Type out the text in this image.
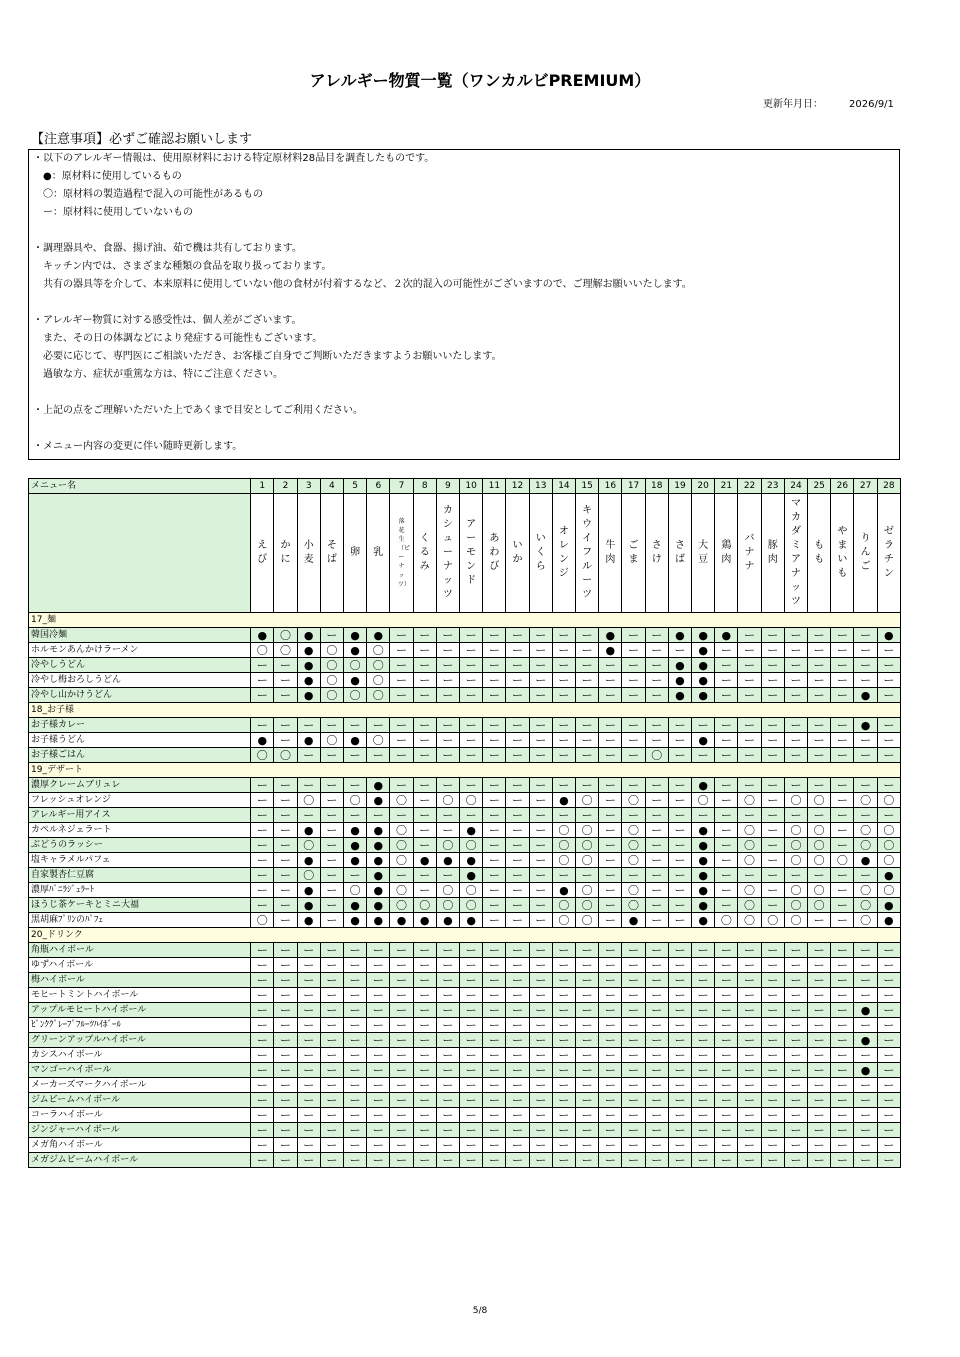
アレルギー物質一覧（ワンカルビPREMIUM）
更新年月日：	2026/9/1
【注意事項】必ずご確認お願いします
・以下のアレルギー情報は、使用原材料における特定原材料28品目を調査したものです。
　●：原材料に使用しているもの
　〇：原材料の製造過程で混入の可能性があるもの
　ー：原材料に使用していないもの
・調理器具や、食器、揚げ油、茹で機は共有しております。
　キッチン内では、さまざまな種類の食品を取り扱っております。
　共有の器具等を介して、本来原料に使用していない他の食材が付着するなど、２次的混入の可能性がございますので、ご理解お願いいたします。
・アレルギー物質に対する感受性は、個人差がございます。
　また、その日の体調などにより発症する可能性もございます。
　必要に応じて、専門医にご相談いただき、お客様ご自身でご判断いただきますようお願いいたします。
　過敏な方、症状が重篤な方は、特にご注意ください。
・上記の点をご理解いただいた上であくまで目安としてご利用ください。
・メニュー内容の変更に伴い随時更新します。
メニュー名	1	2	3	4	5	6	7	8	9	10	11	12	13	14	15	16	17	18	19	20	21	22	23	24	25	26	27	28
	えび	かに	小麦	そば	卵	乳	落花生（ピーナッツ）	くるみ	カシューナッツ	アーモンド	あわび	いか	いくら	オレンジ	キウイフルーツ	牛肉	ごま	さけ	さば	大豆	鶏肉	バナナ	豚肉	マカダミアナッツ	もも	やまいも	りんご	ゼラチン
17_麺																												
韓国冷麺	●	〇	●	ー	●	●	ー	ー	ー	ー	ー	ー	ー	ー	ー	●	ー	ー	●	●	●	ー	ー	ー	ー	ー	ー	●
ホルモンあんかけラーメン	〇	〇	●	〇	●	〇	ー	ー	ー	ー	ー	ー	ー	ー	ー	●	ー	ー	ー	●	ー	ー	ー	ー	ー	ー	ー	ー
冷やしうどん	ー	ー	●	〇	〇	〇	ー	ー	ー	ー	ー	ー	ー	ー	ー	ー	ー	ー	●	●	ー	ー	ー	ー	ー	ー	ー	ー
冷やし梅おろしうどん	ー	ー	●	〇	●	〇	ー	ー	ー	ー	ー	ー	ー	ー	ー	ー	ー	ー	●	●	ー	ー	ー	ー	ー	ー	ー	ー
冷やし山かけうどん	ー	ー	●	〇	〇	〇	ー	ー	ー	ー	ー	ー	ー	ー	ー	ー	ー	ー	●	●	ー	ー	ー	ー	ー	ー	●	ー
18_お子様																												
お子様カレー	ー	ー	ー	ー	ー	ー	ー	ー	ー	ー	ー	ー	ー	ー	ー	ー	ー	ー	ー	ー	ー	ー	ー	ー	ー	ー	●	ー
お子様うどん	●	ー	●	〇	●	〇	ー	ー	ー	ー	ー	ー	ー	ー	ー	ー	ー	ー	ー	●	ー	ー	ー	ー	ー	ー	ー	ー
お子様ごはん	〇	〇	ー	ー	ー	ー	ー	ー	ー	ー	ー	ー	ー	ー	ー	ー	ー	〇	ー	ー	ー	ー	ー	ー	ー	ー	ー	ー
19_デザート																												
濃厚クレームブリュレ	ー	ー	ー	ー	ー	●	ー	ー	ー	ー	ー	ー	ー	ー	ー	ー	ー	ー	ー	●	ー	ー	ー	ー	ー	ー	ー	ー
フレッシュオレンジ	ー	ー	〇	ー	〇	●	〇	ー	〇	〇	ー	ー	ー	●	〇	ー	〇	ー	ー	〇	ー	〇	ー	〇	〇	ー	〇	〇
アレルギー用アイス	ー	ー	ー	ー	ー	ー	ー	ー	ー	ー	ー	ー	ー	ー	ー	ー	ー	ー	ー	ー	ー	ー	ー	ー	ー	ー	ー	ー
カペルネジェラート	ー	ー	●	ー	●	●	〇	ー	ー	●	ー	ー	ー	〇	〇	ー	〇	ー	ー	●	ー	〇	ー	〇	〇	ー	〇	〇
ぶどうのラッシー	ー	ー	〇	ー	●	●	〇	ー	〇	〇	ー	ー	ー	〇	〇	ー	〇	ー	ー	●	ー	〇	ー	〇	〇	ー	〇	〇
塩キャラメルパフェ	ー	ー	●	ー	●	●	〇	●	●	●	ー	ー	ー	〇	〇	ー	〇	ー	ー	●	ー	〇	ー	〇	〇	〇	●	〇
自家製杏仁豆腐	ー	ー	〇	ー	ー	●	ー	ー	ー	●	ー	ー	ー	ー	ー	ー	ー	ー	ー	●	ー	ー	ー	ー	ー	ー	ー	●
濃厚ﾊﾞﾆﾗｼﾞｪﾗｰﾄ	ー	ー	●	ー	〇	●	〇	ー	〇	〇	ー	ー	ー	●	〇	ー	〇	ー	ー	●	ー	〇	ー	〇	〇	ー	〇	〇
ほうじ茶ケーキとミニ大福	ー	ー	●	ー	●	●	〇	〇	〇	〇	ー	ー	ー	〇	〇	ー	〇	ー	ー	●	ー	〇	ー	〇	〇	ー	〇	●
黒胡麻ﾌﾟﾘﾝのﾊﾟﾌｪ	〇	ー	●	ー	●	●	●	●	●	●	ー	ー	ー	〇	〇	ー	●	ー	ー	●	〇	〇	〇	〇	ー	ー	〇	●
20_ドリンク																												
角瓶ハイボール	ー	ー	ー	ー	ー	ー	ー	ー	ー	ー	ー	ー	ー	ー	ー	ー	ー	ー	ー	ー	ー	ー	ー	ー	ー	ー	ー	ー
ゆずハイボール	ー	ー	ー	ー	ー	ー	ー	ー	ー	ー	ー	ー	ー	ー	ー	ー	ー	ー	ー	ー	ー	ー	ー	ー	ー	ー	ー	ー
梅ハイボール	ー	ー	ー	ー	ー	ー	ー	ー	ー	ー	ー	ー	ー	ー	ー	ー	ー	ー	ー	ー	ー	ー	ー	ー	ー	ー	ー	ー
モヒートミントハイボール	ー	ー	ー	ー	ー	ー	ー	ー	ー	ー	ー	ー	ー	ー	ー	ー	ー	ー	ー	ー	ー	ー	ー	ー	ー	ー	ー	ー
アップルモヒートハイボール	ー	ー	ー	ー	ー	ー	ー	ー	ー	ー	ー	ー	ー	ー	ー	ー	ー	ー	ー	ー	ー	ー	ー	ー	ー	ー	●	ー
ﾋﾟﾝｸｸﾞﾚｰﾌﾟﾌﾙｰﾂﾊｲﾎﾞｰﾙ	ー	ー	ー	ー	ー	ー	ー	ー	ー	ー	ー	ー	ー	ー	ー	ー	ー	ー	ー	ー	ー	ー	ー	ー	ー	ー	ー	ー
グリーンアップルハイボール	ー	ー	ー	ー	ー	ー	ー	ー	ー	ー	ー	ー	ー	ー	ー	ー	ー	ー	ー	ー	ー	ー	ー	ー	ー	ー	●	ー
カシスハイボール	ー	ー	ー	ー	ー	ー	ー	ー	ー	ー	ー	ー	ー	ー	ー	ー	ー	ー	ー	ー	ー	ー	ー	ー	ー	ー	ー	ー
マンゴーハイボール	ー	ー	ー	ー	ー	ー	ー	ー	ー	ー	ー	ー	ー	ー	ー	ー	ー	ー	ー	ー	ー	ー	ー	ー	ー	ー	●	ー
メーカーズマークハイボール	ー	ー	ー	ー	ー	ー	ー	ー	ー	ー	ー	ー	ー	ー	ー	ー	ー	ー	ー	ー	ー	ー	ー	ー	ー	ー	ー	ー
ジムビームハイボール	ー	ー	ー	ー	ー	ー	ー	ー	ー	ー	ー	ー	ー	ー	ー	ー	ー	ー	ー	ー	ー	ー	ー	ー	ー	ー	ー	ー
コーラハイボール	ー	ー	ー	ー	ー	ー	ー	ー	ー	ー	ー	ー	ー	ー	ー	ー	ー	ー	ー	ー	ー	ー	ー	ー	ー	ー	ー	ー
ジンジャーハイボール	ー	ー	ー	ー	ー	ー	ー	ー	ー	ー	ー	ー	ー	ー	ー	ー	ー	ー	ー	ー	ー	ー	ー	ー	ー	ー	ー	ー
メガ角ハイボール	ー	ー	ー	ー	ー	ー	ー	ー	ー	ー	ー	ー	ー	ー	ー	ー	ー	ー	ー	ー	ー	ー	ー	ー	ー	ー	ー	ー
メガジムビームハイボール	ー	ー	ー	ー	ー	ー	ー	ー	ー	ー	ー	ー	ー	ー	ー	ー	ー	ー	ー	ー	ー	ー	ー	ー	ー	ー	ー	ー
5/8
